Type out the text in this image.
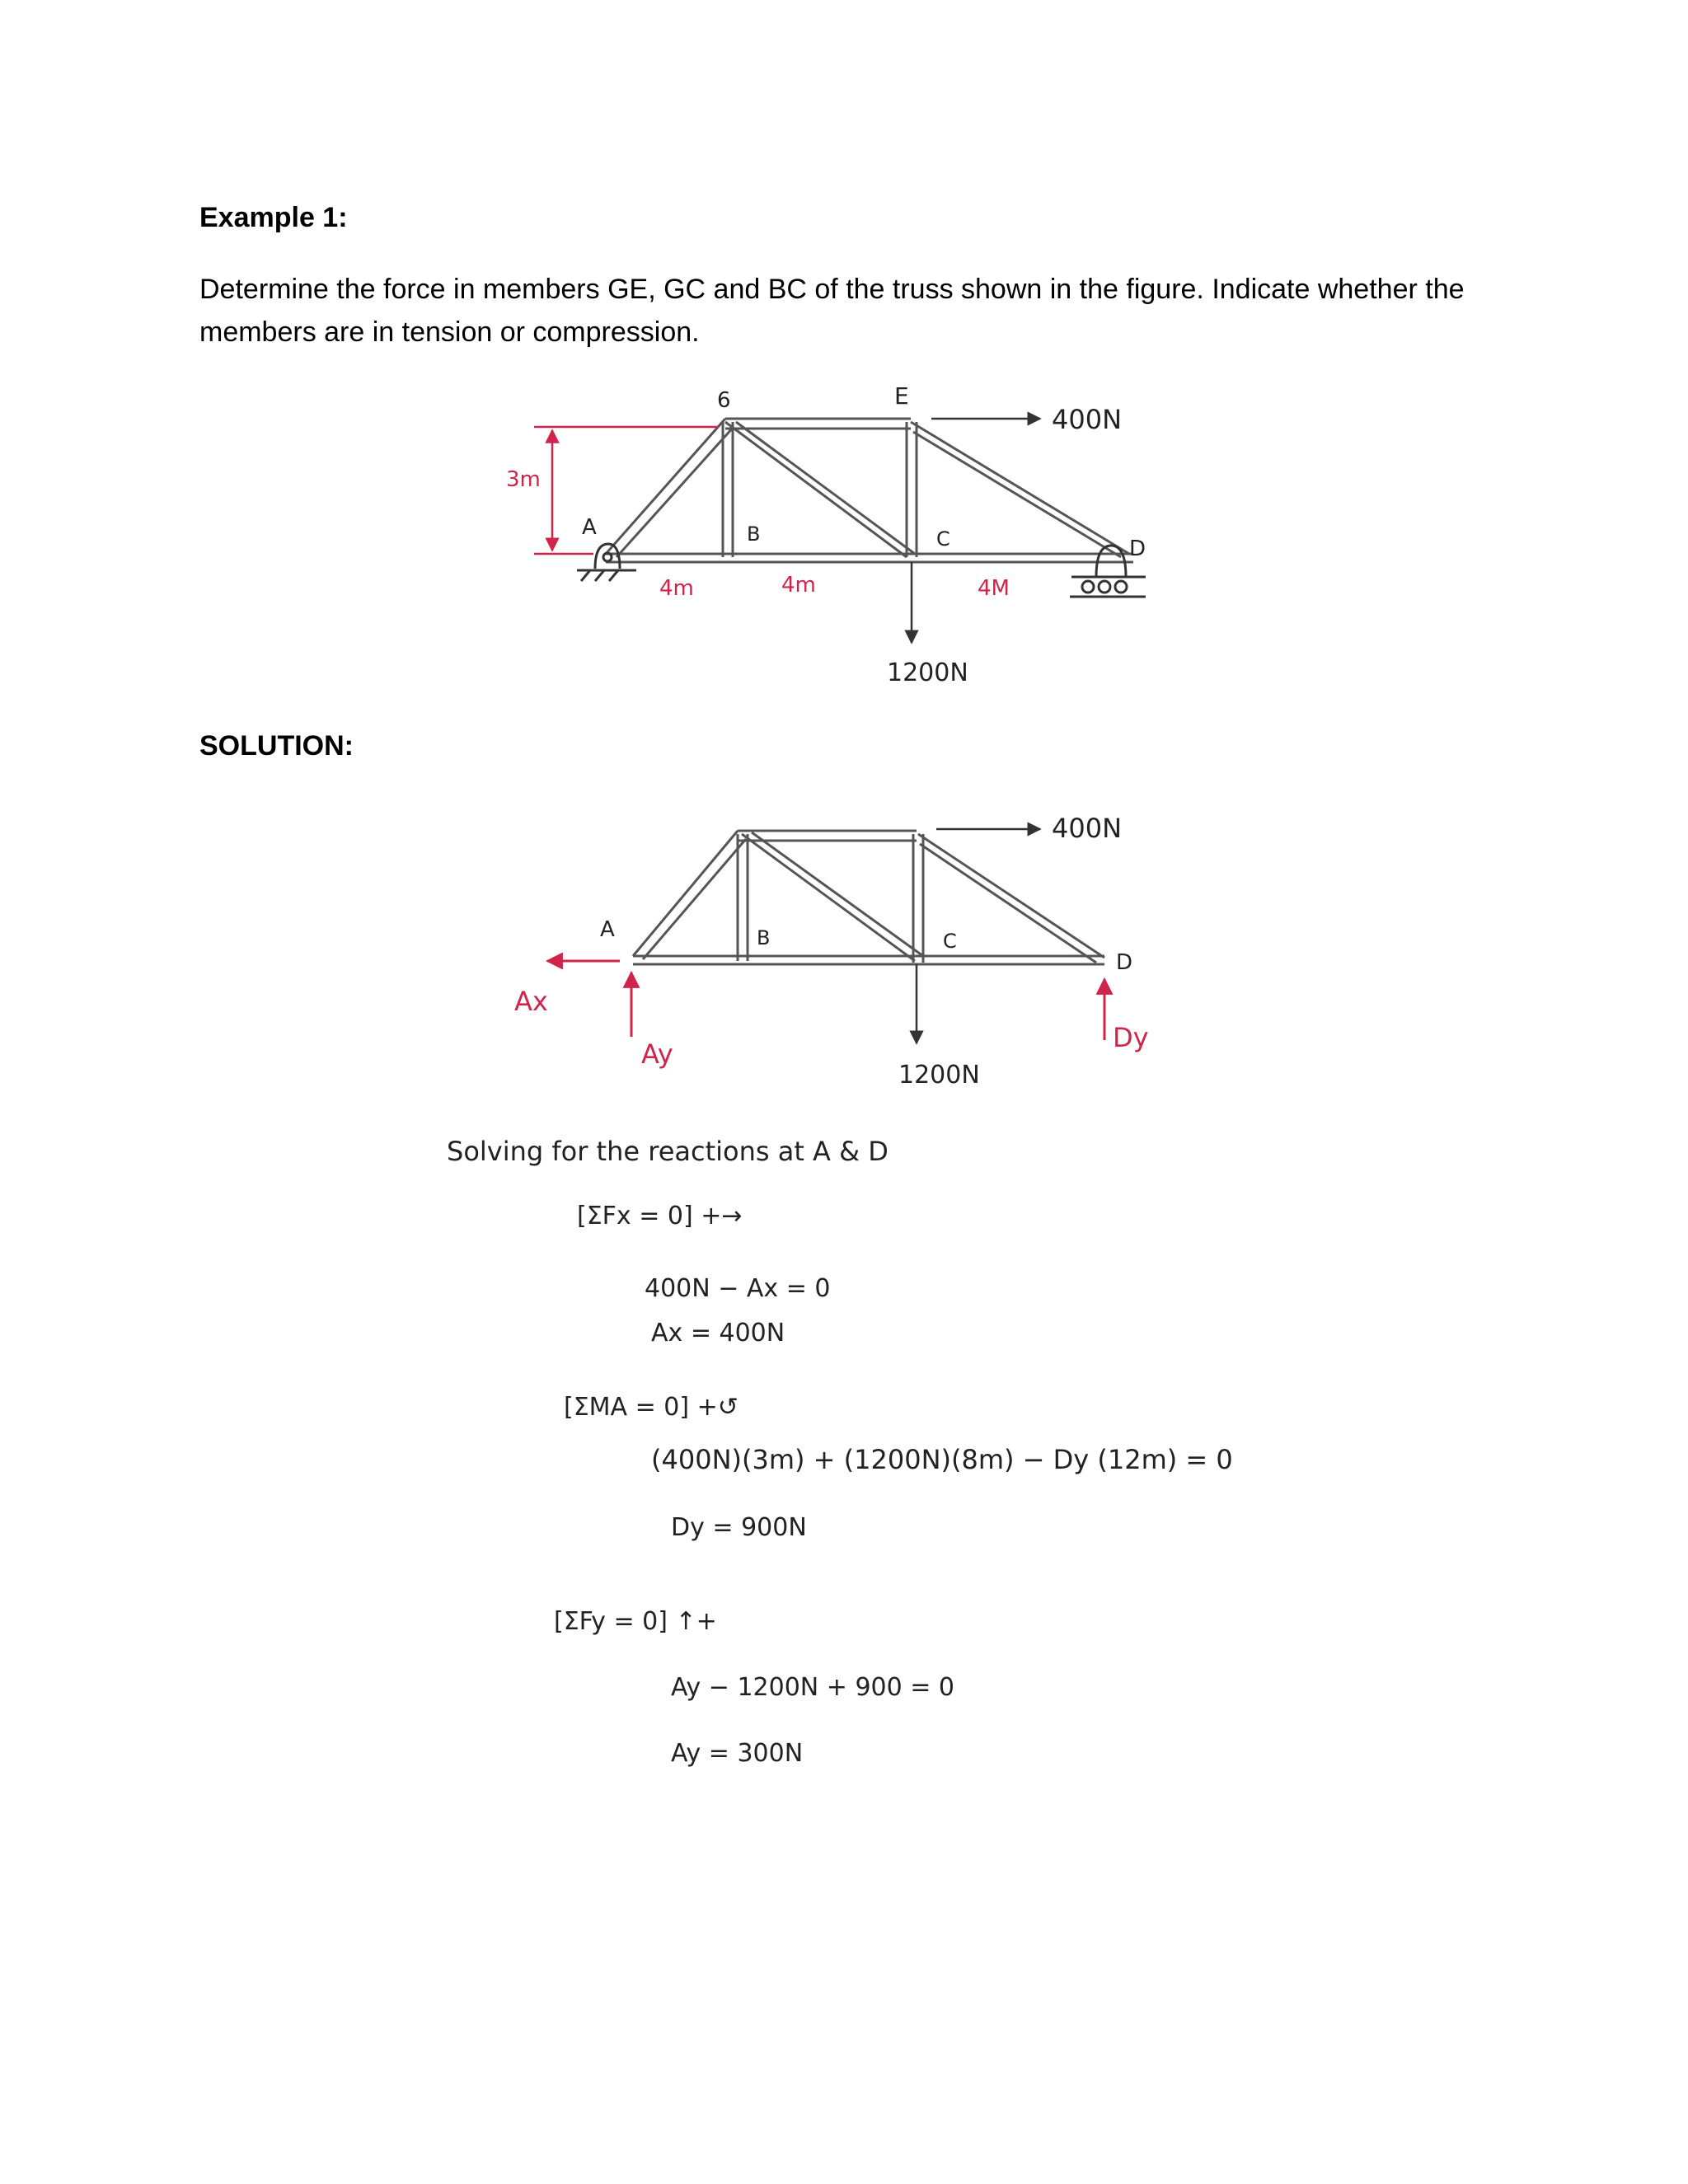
Example 1:
Determine the force in members GE, GC and BC of the truss shown in the figure. Indicate whether the members are in tension or compression.
SOLUTION:
3m
4m	4m	4M
6	E
A	B	C	D
400N
1200N
A	B	C
D
Ax
Ay
Dy
400N
1200N
Solving for the reactions at A & D
[ΣFx = 0] +→
400N − Ax = 0
Ax = 400N
[ΣMA = 0] +↺
(400N)(3m) + (1200N)(8m) − Dy (12m) = 0
Dy = 900N
[ΣFy = 0] ↑+
Ay − 1200N + 900 = 0
Ay = 300N
